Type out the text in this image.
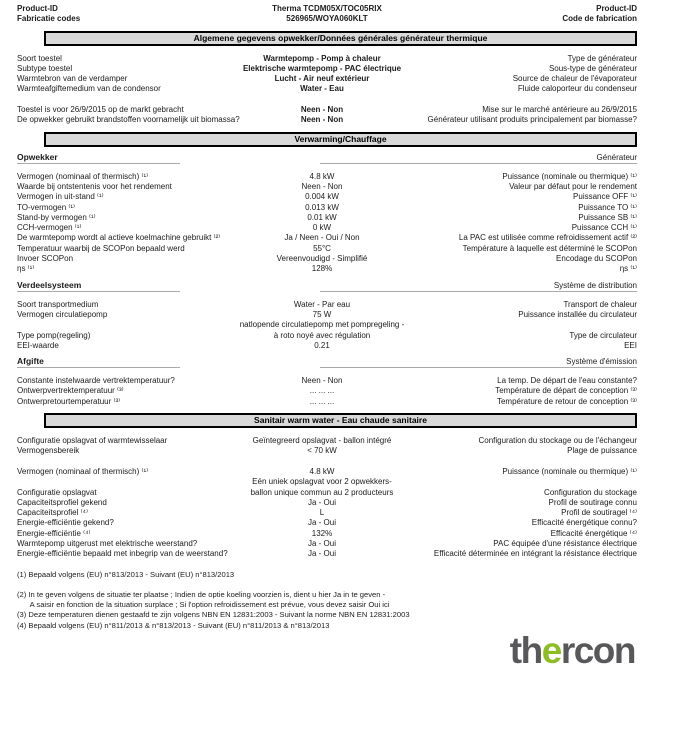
Product-ID
Fabricatie codes
Therma TCDM05X/TOC05RIX
526965/WOYA060KLT
Product-ID
Code de fabrication
Algemene gegevens opwekker/Données générales générateur thermique
Soort toestel	Warmtepomp - Pomp à chaleur	Type de générateur
Subtype toestel	Elektrische warmtepomp - PAC électrique	Sous-type de générateur
Warmtebron van de verdamper	Lucht - Air neuf extérieur	Source de chaleur de l'évaporateur
Warmteafgiftemedium van de condensor	Water - Eau	Fluide caloporteur du condenseur
Toestel is voor 26/9/2015 op de markt gebracht	Neen - Non	Mise sur le marché antérieure au 26/9/2015
De opwekker gebruikt brandstoffen voornamelijk uit biomassa?	Neen - Non	Générateur utilisant produits principalement par biomasse?
Verwarming/Chauffage
Opwekker	Générateur
Vermogen (nominaal of thermisch) ⁽¹⁾	4.8 kW	Puissance (nominale ou thermique) ⁽¹⁾
Waarde bij ontstentenis voor het rendement	Neen - Non	Valeur par défaut pour le rendement
Vermogen in uit-stand ⁽¹⁾	0.004 kW	Puissance OFF ⁽¹⁾
TO-vermogen ⁽¹⁾	0.013 kW	Puissance TO ⁽¹⁾
Stand-by vermogen ⁽¹⁾	0.01 kW	Puissance SB ⁽¹⁾
CCH-vermogen ⁽¹⁾	0 kW	Puissance CCH ⁽¹⁾
De warmtepomp wordt al actieve koelmachine gebruikt ⁽²⁾	Ja / Neen - Oui / Non	La PAC est utilisée comme refroidissement actif ⁽²⁾
Temperatuur waarbij de SCOPon bepaald werd	55°C	Température à laquelle est déterminé le SCOPon
Invoer SCOPon	Vereenvoudigd - Simplifié	Encodage du SCOPon
ηs ⁽¹⁾	128%	ηs ⁽¹⁾
Verdeelsysteem	Système de distribution
Soort transportmedium	Water - Par eau	Transport de chaleur
Vermogen circulatiepomp	75 W	Puissance installée du circulateur
natlopende circulatiepomp met pompregeling -
Type pomp(regeling)	à roto noyé avec régulation	Type de circulateur
EEI-waarde	0.21	EEI
Afgifte	Système d'émission
Constante instelwaarde vertrektemperatuur?	Neen - Non	La temp. De départ de l'eau constante?
Ontwerpvertrektemperatuur ⁽³⁾	... ... ...	Température de départ de conception ⁽³⁾
Ontwerpretourtemperatuur ⁽³⁾	... ... ...	Température de retour de conception ⁽³⁾
Sanitair warm water - Eau chaude sanitaire
Configuratie opslagvat of warmtewisselaar	Geïntegreerd opslagvat - ballon intégré	Configuration du stockage ou de l'échangeur
Vermogensbereik	< 70 kW	Plage de puissance
Vermogen (nominaal of thermisch) ⁽¹⁾	4.8 kW	Puissance (nominale ou thermique) ⁽¹⁾
Eén uniek opslagvat voor 2 opwekkers-
Configuratie opslagvat	ballon unique commun au 2 producteurs	Configuration du stockage
Capaciteitsprofiel gekend	Ja - Oui	Profil de soutirage connu
Capaciteitsprofiel ⁽⁴⁾	L	Profil de soutiragel ⁽⁴⁾
Energie-efficiëntie gekend?	Ja - Oui	Efficacité énergétique connu?
Energie-efficiëntie ⁽⁴⁾	132%	Efficacité énergétique ⁽⁴⁾
Warmtepomp uitgerust met elektrische weerstand?	Ja - Oui	PAC équipée d'une résistance électrique
Energie-efficiëntie bepaald met inbegrip van de weerstand?	Ja - Oui	Efficacité déterminée en intégrant la résistance électrique
(1) Bepaald volgens (EU) n°813/2013 - Suivant (EU) n°813/2013
(2) In te geven volgens de situatie ter plaatse ; Indien de optie koeling voorzien is, dient u hier Ja in te geven -
A saisir en fonction de la situation surplace ; Si l'option refroidissement est prévue, vous devez saisir Oui ici
(3) Deze temperaturen dienen gestaafd te zijn volgens NBN EN 12831:2003 - Suivant la norme NBN EN 12831:2003
(4) Bepaald volgens (EU) n°811/2013 & n°813/2013 - Suivant (EU) n°811/2013 & n°813/2013
thercon
